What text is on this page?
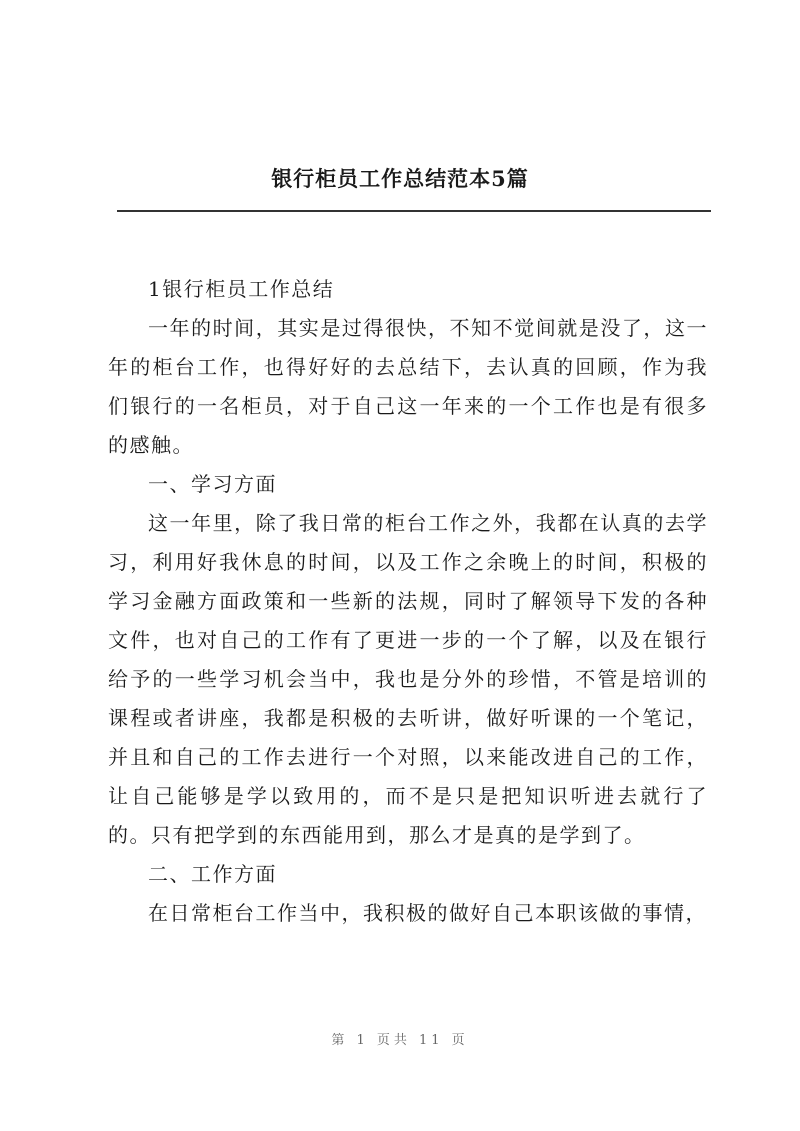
银行柜员工作总结范本5篇

1银行柜员工作总结

一年的时间，其实是过得很快，不知不觉间就是没了，这一年的柜台工作，也得好好的去总结下，去认真的回顾，作为我们银行的一名柜员，对于自己这一年来的一个工作也是有很多的感触。

一、学习方面

这一年里，除了我日常的柜台工作之外，我都在认真的去学习，利用好我休息的时间，以及工作之余晚上的时间，积极的学习金融方面政策和一些新的法规，同时了解领导下发的各种文件，也对自己的工作有了更进一步的一个了解，以及在银行给予的一些学习机会当中，我也是分外的珍惜，不管是培训的课程或者讲座，我都是积极的去听讲，做好听课的一个笔记，并且和自己的工作去进行一个对照，以来能改进自己的工作，让自己能够是学以致用的，而不是只是把知识听进去就行了的。只有把学到的东西能用到，那么才是真的是学到了。

二、工作方面

在日常柜台工作当中，我积极的做好自己本职该做的事情，

第 1 页共 11 页
